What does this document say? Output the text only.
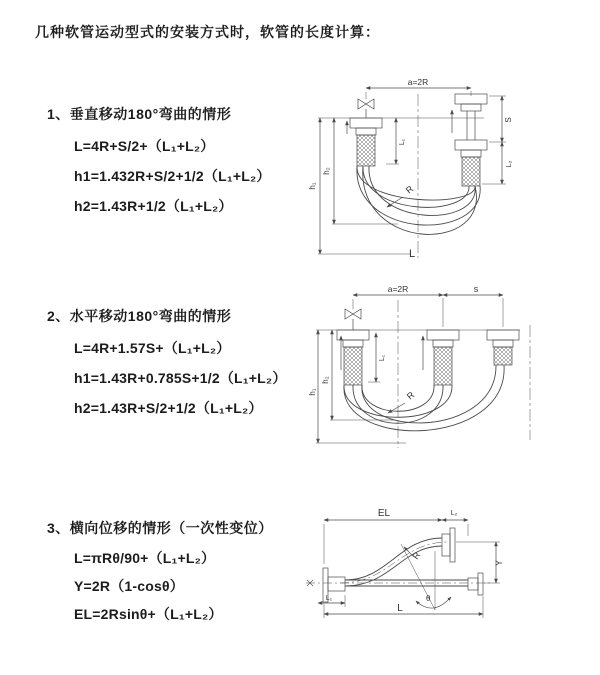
几种软管运动型式的安装方式时，软管的长度计算：
1、垂直移动180°弯曲的情形
L=4R+S/2+（L₁+L₂）
h1=1.432R+S/2+1/2（L₁+L₂）
h2=1.43R+1/2（L₁+L₂）
a=2R
h₁
h₂
L₁
S
L₂
R
L
2、水平移动180°弯曲的情形
L=4R+1.57S+（L₁+L₂）
h1=1.43R+0.785S+1/2（L₁+L₂）
h2=1.43R+S/2+1/2（L₁+L₂）
a=2R	s
h₁
h₂
L₁
R
3、横向位移的情形（一次性变位）
L=πRθ/90+（L₁+L₂）
Y=2R（1-cosθ）
EL=2Rsinθ+（L₁+L₂）
EL	L₂
Y
L
L₁
R
θ
